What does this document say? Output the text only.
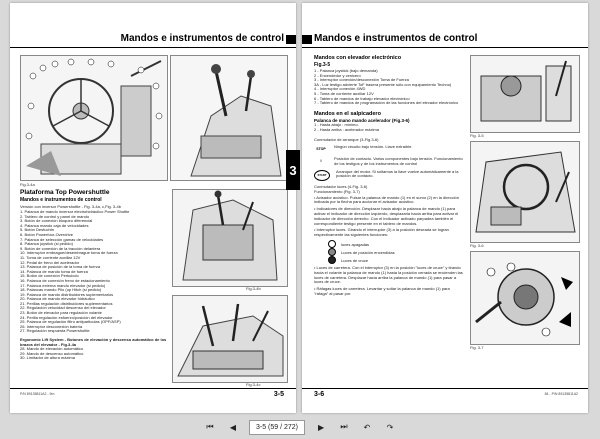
Mandos e instrumentos de control
Fig.3-4a
Plataforma Top Powershuttle
Mandos e instrumentos de control
Versión con inversor Powershuttle - Fig. 3-4a, c,Fig. 3-4b
1. Palanca de mando inversor electrohidráulico Power Shuttle
2. Tablero de control y panel de mando
3. Botón de conexión bloqueo diferencial
4. Palanca mando caja de velocidades
5. Botón Desfuchtn
6. Botón Powerfour-Overdrive
7. Palanca de selección gamas de velocidades
8. Palanca joystick (si pedido)
9. Botón de conexión de la tracción delantera
10. Interruptor embrague/desembrague toma de fuerza
11. Toma de corriente auxiliar 12V
12. Pedal de freno del acelerador
13. Palanca de posición de la toma de fuerza
14. Palanca de mando toma de fuerza
15. Botón de conexión Perkuicdo
16. Palanca de conexión freno de estacionamiento
17. Palanca externa mando elevador (si pedido)
18. Palancas mando Pilo (op Hitch (si pedido)
19. Palanca de mando distribuidores suplementarios
20. Palanca de mando elevador hidráulico
21. Perillas regulación distribuidores suplementarios
22. Regulación velocidad descenso del elevador
23. Botón de elevador para regulación volante
24. Perilla regulación esfuerzo/posición del elevador
25. Palanca de regulación filtro antiparticulas (OPF/ASP)
26. Interruptor desconexión batería
27. Regulación respuesta Powershuttle
Ergonomic Lift System - Botones de elevación y descenso automático de los brazos del elevador - Fig.3-4a
28. Mando de elevación automático
29. Mando de descenso automático
30. Limitador de altura máxima
Fig.3-4b
Fig.3-4c
P/N 89135811A2 - 9m	3-5
3
Mandos e instrumentos de control
Mandos con elevador electrónico
Fig.3-5
1 - Palanca joystick (bajo demanda)
2 - Encendedor y cenicero
3 - Interruptor conexión/desconexión Toma de Fuerza
3A - Luz testigo advierte ToF trasera presente sólo con equipamiento Techno)
4 - Interruptor conexión 4WD
5 - Toma de corriente auxiliar 12V
6 - Tablero de mandos de trabajo elevador electrónico
7 - Tablero de mandos de programación de las funciones del elevador electrónico
Mandos en el salpicadero
Palanca de mano mando acelerador (Fig.3-6)
1 - Hasta abajo : mínimo.
2 - Hasta arriba : acelerador máxima
Conmutador de arranque (3-Fig.3-6)
STOP	Ningún circuito bajo tensión. Llave extraíble.
I	Posición de contacto. Varios componentes bajo tensión. Funcionamiento de los testigos y de los instrumentos de control
START
Arranque del motor. Si soltamos la llave vuelve automáticamente a la posición de contacto.
Conmutador luces (4-Fig. 3-6)
Funcionamiento (Fig. 3-7)
• Avisador acústico. Pulsar la palanca de mando (1) en el sumo (2) en la dirección indicada por la flecha para accionar el avisador acústico.
• Indicadores de dirección. Desplazar hacia abajo la palanca de mando (1) para activar el indicador de dirección izquierdo, desplazarla hacia arriba para activar el indicador de dirección derecho. Con el indicador activado parpadea también el correspondiente testigo presente en el tablero de mandos.
• Interruptor luces. Girando el interruptor (3) a la posición deseada se logran respectivamente las siguientes funciones:
luces apagadas
Luces de posición encendidas
Luces de cruce
• Luces de carretera. Con el interruptor (3) en la posición "luces de cruce" y tirando hacia el volante la palanca de mando (1) hasta la posición cerrada se encienden las luces de carretera. Desplazar hacia arriba la palanca de mando (1) para pasar a luces de cruce.
• Ráfagas luces de carretera. Levantar y soltar la palanca de mando (1) para "ráfaga" al pasar por.
Fig. 3-5
Fig. 3-6
Fig. 3-7
3-6	84 - P/N 89135811A2
⏮	◀	3-5 (59 / 272)	▶	⏭	↶	↷
